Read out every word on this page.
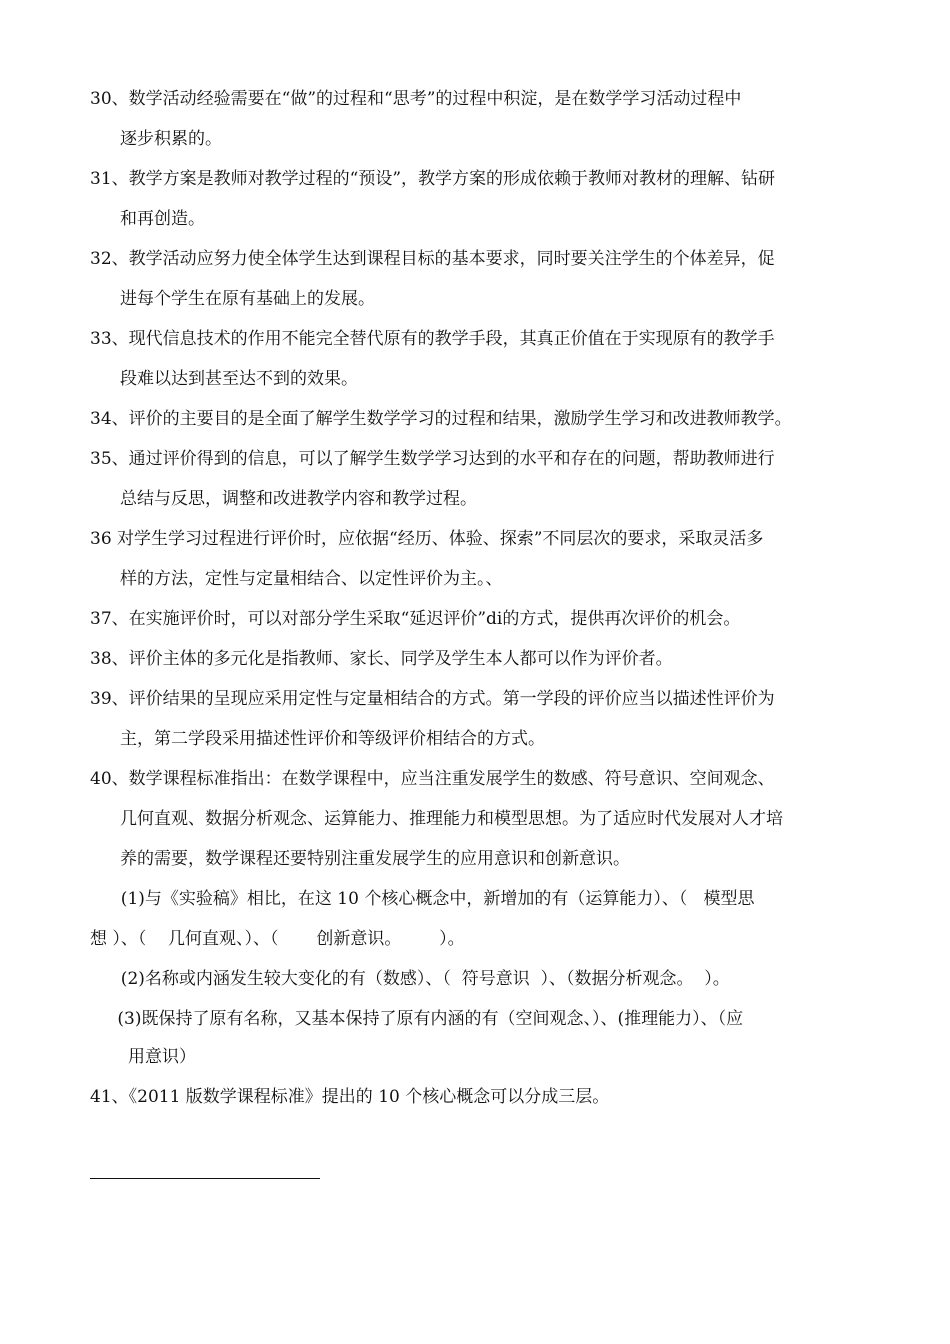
30、数学活动经验需要在“做”的过程和“思考”的过程中积淀，是在数学学习活动过程中
逐步积累的。
31、教学方案是教师对教学过程的“预设”，教学方案的形成依赖于教师对教材的理解、钻研
和再创造。
32、教学活动应努力使全体学生达到课程目标的基本要求，同时要关注学生的个体差异，促
进每个学生在原有基础上的发展。
33、现代信息技术的作用不能完全替代原有的教学手段，其真正价值在于实现原有的教学手
段难以达到甚至达不到的效果。
34、评价的主要目的是全面了解学生数学学习的过程和结果，激励学生学习和改进教师教学。
35、通过评价得到的信息，可以了解学生数学学习达到的水平和存在的问题，帮助教师进行
总结与反思，调整和改进教学内容和教学过程。
36 对学生学习过程进行评价时，应依据“经历、体验、探索”不同层次的要求，采取灵活多
样的方法，定性与定量相结合、以定性评价为主。、
37、在实施评价时，可以对部分学生采取“延迟评价”di的方式，提供再次评价的机会。
38、评价主体的多元化是指教师、家长、同学及学生本人都可以作为评价者。
39、评价结果的呈现应采用定性与定量相结合的方式。第一学段的评价应当以描述性评价为
主，第二学段采用描述性评价和等级评价相结合的方式。
40、数学课程标准指出：在数学课程中，应当注重发展学生的数感、符号意识、空间观念、
几何直观、数据分析观念、运算能力、推理能力和模型思想。为了适应时代发展对人才培
养的需要，数学课程还要特别注重发展学生的应用意识和创新意识。
(1)与《实验稿》相比，在这 10 个核心概念中，新增加的有（运算能力）、（   模型思
想 ）、（    几何直观、）、（       创新意识。       ）。
(2)名称或内涵发生较大变化的有（数感）、（  符号意识  ）、（数据分析观念。  ）。
(3)既保持了原有名称，又基本保持了原有内涵的有（空间观念、）、(推理能力）、（应
用意识）
41、《2011 版数学课程标准》提出的 10 个核心概念可以分成三层。
